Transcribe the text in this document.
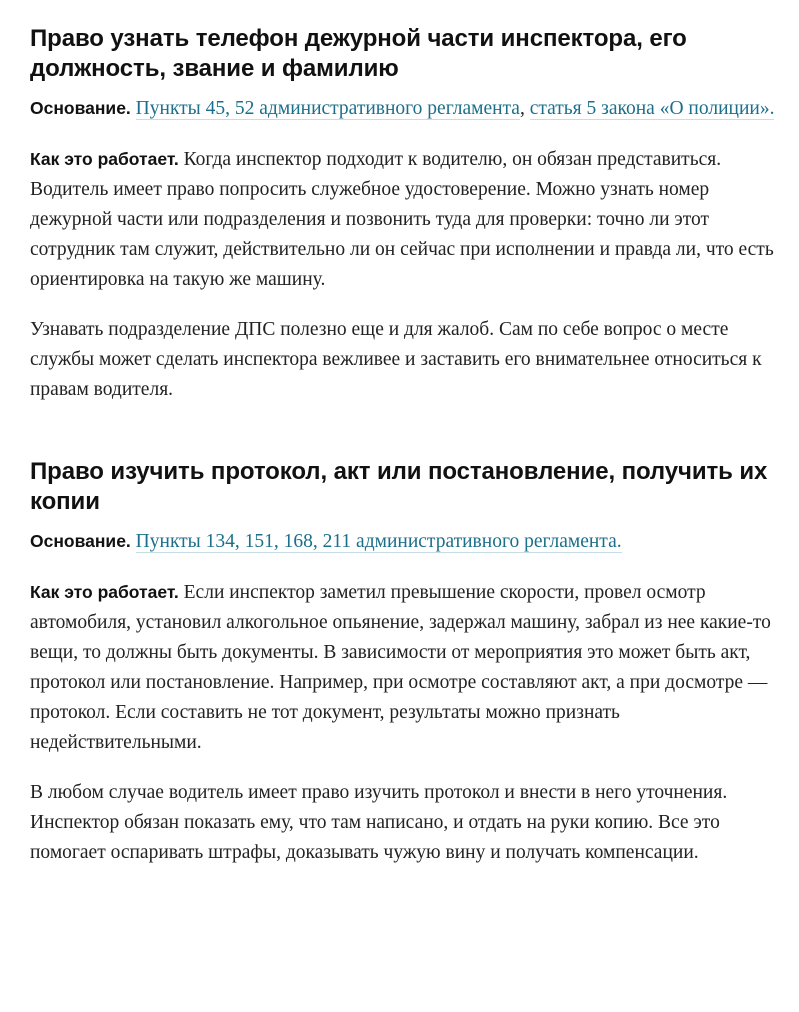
Право узнать телефон дежурной части инспектора, его должность, звание и фамилию

Основание. Пункты 45, 52 административного регламента, статья 5 закона «О полиции».

Как это работает. Когда инспектор подходит к водителю, он обязан представиться. Водитель имеет право попросить служебное удостоверение. Можно узнать номер дежурной части или подразделения и позвонить туда для проверки: точно ли этот сотрудник там служит, действительно ли он сейчас при исполнении и правда ли, что есть ориентировка на такую же машину.

Узнавать подразделение ДПС полезно еще и для жалоб. Сам по себе вопрос о месте службы может сделать инспектора вежливее и заставить его внимательнее относиться к правам водителя.

Право изучить протокол, акт или постановление, получить их копии

Основание. Пункты 134, 151, 168, 211 административного регламента.

Как это работает. Если инспектор заметил превышение скорости, провел осмотр автомобиля, установил алкогольное опьянение, задержал машину, забрал из нее какие-то вещи, то должны быть документы. В зависимости от мероприятия это может быть акт, протокол или постановление. Например, при осмотре составляют акт, а при досмотре — протокол. Если составить не тот документ, результаты можно признать недействительными.

В любом случае водитель имеет право изучить протокол и внести в него уточнения. Инспектор обязан показать ему, что там написано, и отдать на руки копию. Все это помогает оспаривать штрафы, доказывать чужую вину и получать компенсации.
